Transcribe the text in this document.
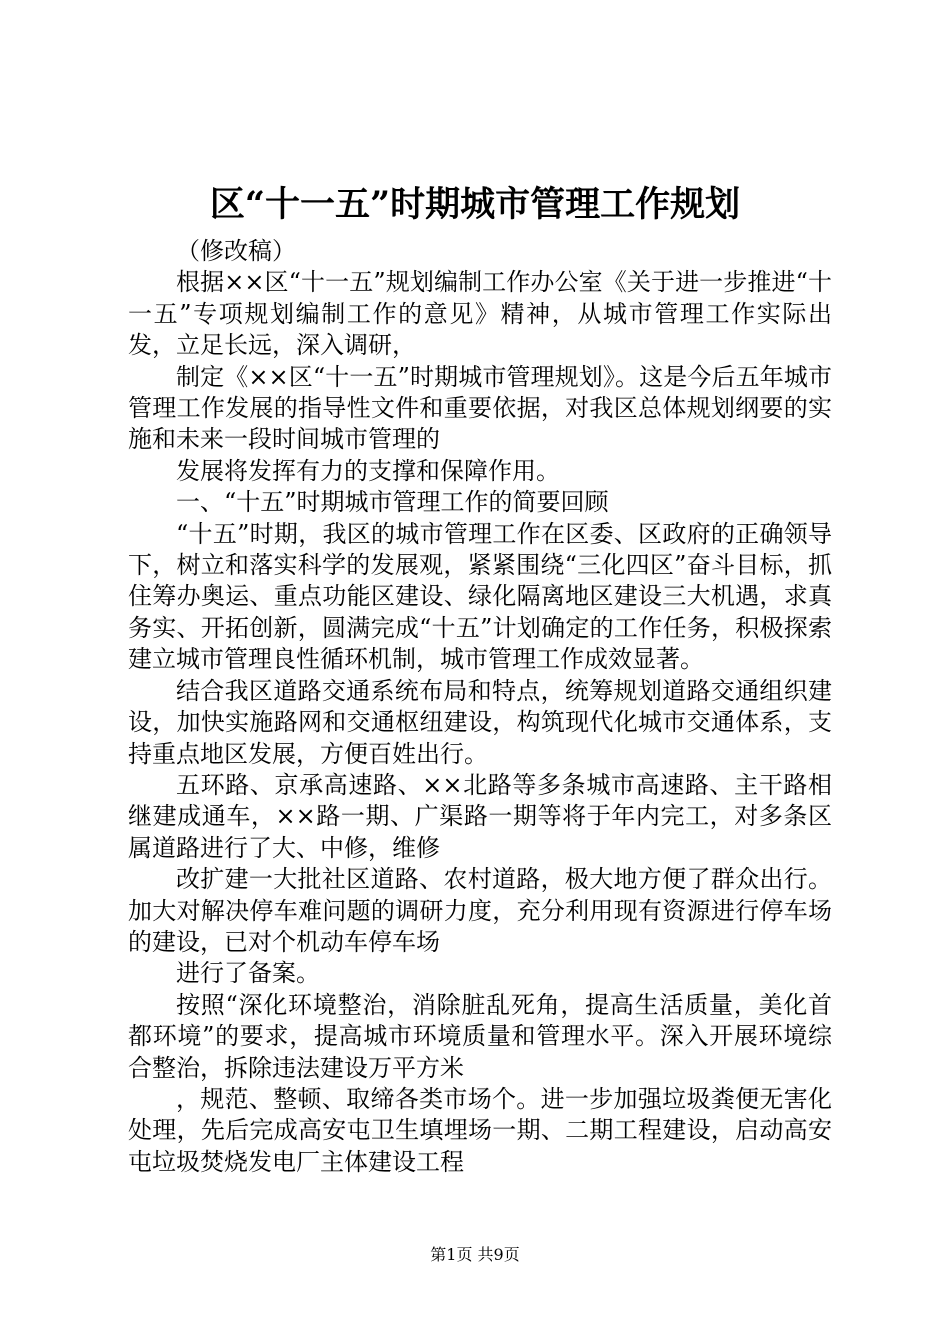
区“十一五”时期城市管理工作规划

（修改稿）

根据××区“十一五”规划编制工作办公室《关于进一步推进“十一五”专项规划编制工作的意见》精神，从城市管理工作实际出发，立足长远，深入调研，

制定《××区“十一五”时期城市管理规划》。这是今后五年城市管理工作发展的指导性文件和重要依据，对我区总体规划纲要的实施和未来一段时间城市管理的

发展将发挥有力的支撑和保障作用。

一、“十五”时期城市管理工作的简要回顾

“十五”时期，我区的城市管理工作在区委、区政府的正确领导下，树立和落实科学的发展观，紧紧围绕“三化四区”奋斗目标，抓住筹办奥运、重点功能区建设、绿化隔离地区建设三大机遇，求真务实、开拓创新，圆满完成“十五”计划确定的工作任务，积极探索建立城市管理良性循环机制，城市管理工作成效显著。

结合我区道路交通系统布局和特点，统筹规划道路交通组织建设，加快实施路网和交通枢纽建设，构筑现代化城市交通体系，支持重点地区发展，方便百姓出行。

五环路、京承高速路、××北路等多条城市高速路、主干路相继建成通车，××路一期、广渠路一期等将于年内完工，对多条区属道路进行了大、中修，维修

改扩建一大批社区道路、农村道路，极大地方便了群众出行。加大对解决停车难问题的调研力度，充分利用现有资源进行停车场的建设，已对个机动车停车场

进行了备案。

按照“深化环境整治，消除脏乱死角，提高生活质量，美化首都环境”的要求，提高城市环境质量和管理水平。深入开展环境综合整治，拆除违法建设万平方米

，规范、整顿、取缔各类市场个。进一步加强垃圾粪便无害化处理，先后完成高安屯卫生填埋场一期、二期工程建设，启动高安屯垃圾焚烧发电厂主体建设工程

第1页 共9页
